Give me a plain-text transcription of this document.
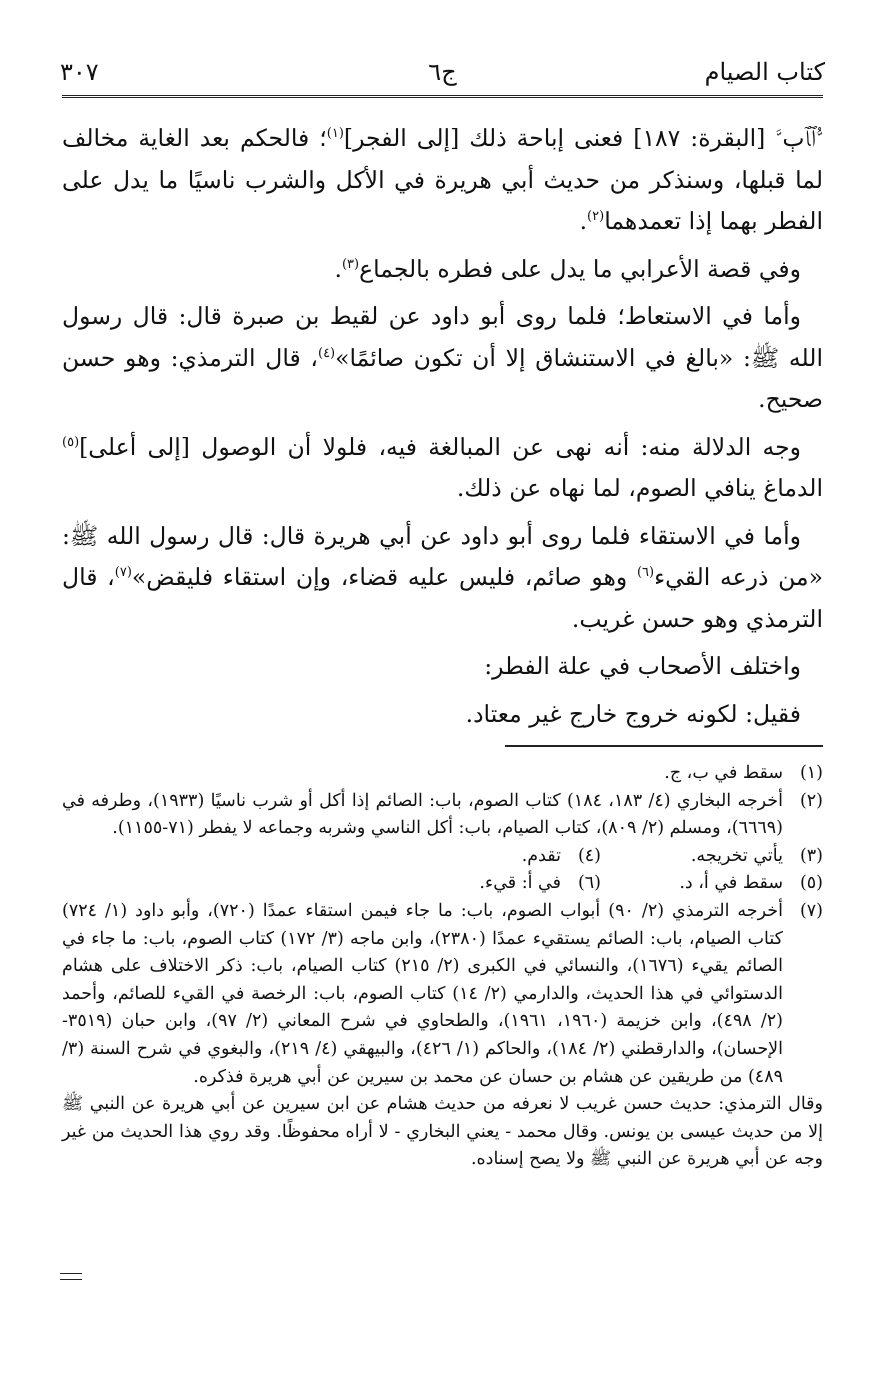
كتاب الصيام
ج٦
٣٠٧

ﱡﭐﭑﭒﱠ [البقرة: ١٨٧] فعنى إباحة ذلك [إلى الفجر]$^{(١)}$؛ فالحكم بعد الغاية مخالف لما قبلها، وسنذكر من حديث أبي هريرة في الأكل والشرب ناسيًا ما يدل على الفطر بهما إذا تعمدهما$^{(٢)}$.

وفي قصة الأعرابي ما يدل على فطره بالجماع$^{(٣)}$.

وأما في الاستعاط؛ فلما روى أبو داود عن لقيط بن صبرة قال: قال رسول الله ﷺ: «بالغ في الاستنشاق إلا أن تكون صائمًا»$^{(٤)}$، قال الترمذي: وهو حسن صحيح.

وجه الدلالة منه: أنه نهى عن المبالغة فيه، فلولا أن الوصول [إلى أعلى]$^{(٥)}$ الدماغ ينافي الصوم، لما نهاه عن ذلك.

وأما في الاستقاء فلما روى أبو داود عن أبي هريرة قال: قال رسول الله ﷺ: «من ذرعه القيء$^{(٦)}$ وهو صائم، فليس عليه قضاء، وإن استقاء فليقض»$^{(٧)}$، قال الترمذي وهو حسن غريب.

واختلف الأصحاب في علة الفطر:

فقيل: لكونه خروج خارج غير معتاد.

(١)
سقط في ب، ج.
(٢)
أخرجه البخاري (٤/ ١٨٣، ١٨٤) كتاب الصوم، باب: الصائم إذا أكل أو شرب ناسيًا (١٩٣٣)، وطرفه في (٦٦٦٩)، ومسلم (٢/ ٨٠٩)، كتاب الصيام، باب: أكل الناسي وشربه وجماعه لا يفطر (٧١-١١٥٥).
(٣)
يأتي تخريجه.
(٤)
تقدم.
(٥)
سقط في أ، د.
(٦)
في أ: قيء.
(٧)
أخرجه الترمذي (٢/ ٩٠) أبواب الصوم، باب: ما جاء فيمن استقاء عمدًا (٧٢٠)، وأبو داود (١/ ٧٢٤) كتاب الصيام، باب: الصائم يستقيء عمدًا (٢٣٨٠)، وابن ماجه (٣/ ١٧٢) كتاب الصوم، باب: ما جاء في الصائم يقيء (١٦٧٦)، والنسائي في الكبرى (٢/ ٢١٥) كتاب الصيام، باب: ذكر الاختلاف على هشام الدستوائي في هذا الحديث، والدارمي (٢/ ١٤) كتاب الصوم، باب: الرخصة في القيء للصائم، وأحمد (٢/ ٤٩٨)، وابن خزيمة (١٩٦٠، ١٩٦١)، والطحاوي في شرح المعاني (٢/ ٩٧)، وابن حبان (٣٥١٩- الإحسان)، والدارقطني (٢/ ١٨٤)، والحاكم (١/ ٤٢٦)، والبيهقي (٤/ ٢١٩)، والبغوي في شرح السنة (٣/ ٤٨٩) من طريقين عن هشام بن حسان عن محمد بن سيرين عن أبي هريرة فذكره.
وقال الترمذي: حديث حسن غريب لا نعرفه من حديث هشام عن ابن سيرين عن أبي هريرة عن النبي ﷺ إلا من حديث عيسى بن يونس. وقال محمد - يعني البخاري - لا أراه محفوظًا. وقد روي هذا الحديث من غير وجه عن أبي هريرة عن النبي ﷺ ولا يصح إسناده.
